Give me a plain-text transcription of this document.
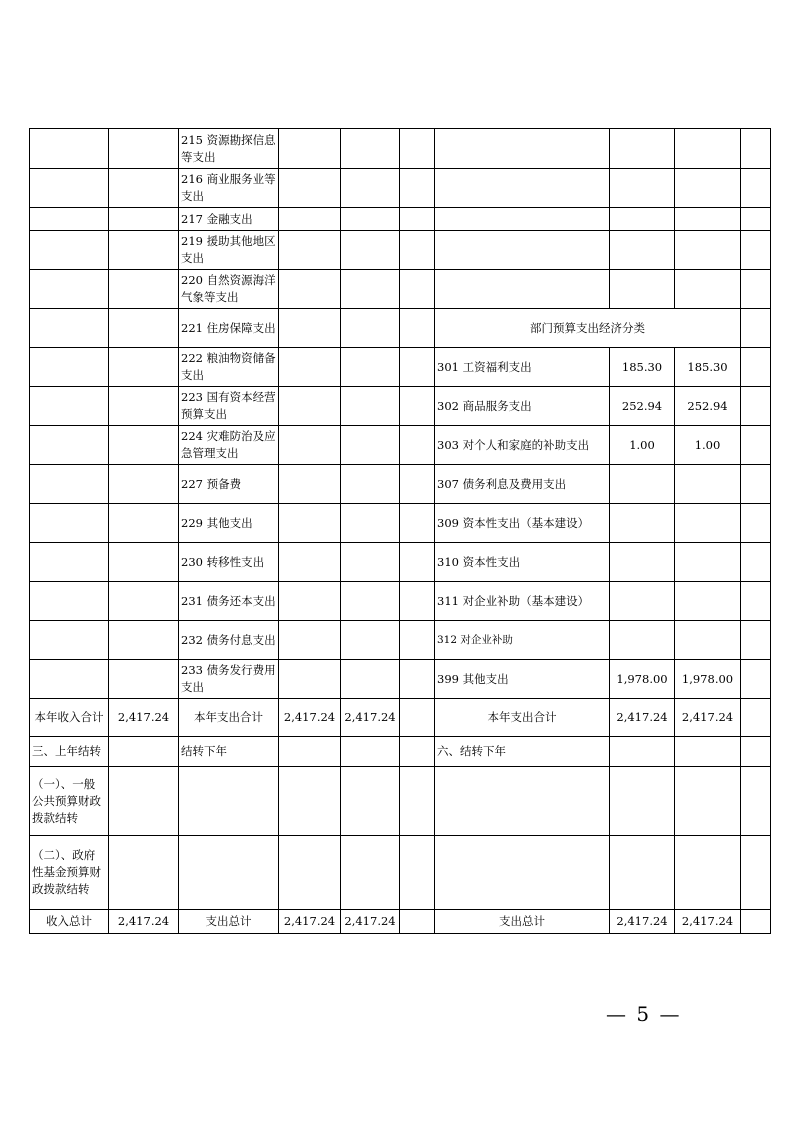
		215 资源勘探信息等支出							
		216 商业服务业等支出							
		217 金融支出							
		219 援助其他地区支出							
		220 自然资源海洋气象等支出							
		221 住房保障支出				部门预算支出经济分类			
		222 粮油物资储备支出				301 工资福利支出	185.30	185.30	
		223 国有资本经营预算支出				302 商品服务支出	252.94	252.94	
		224 灾难防治及应急管理支出				303 对个人和家庭的补助支出	1.00	1.00	
		227 预备费				307 债务利息及费用支出			
		229 其他支出				309 资本性支出（基本建设）			
		230 转移性支出				310 资本性支出			
		231 债务还本支出				311 对企业补助（基本建设）			
		232 债务付息支出				312 对企业补助			
		233 债务发行费用支出				399 其他支出	1,978.00	1,978.00	
本年收入合计	2,417.24	本年支出合计	2,417.24	2,417.24		本年支出合计	2,417.24	2,417.24	
三、上年结转		结转下年				六、结转下年			
（一）、一般公共预算财政拨款结转									
（二）、政府性基金预算财政拨款结转									
收入总计	2,417.24	支出总计	2,417.24	2,417.24		支出总计	2,417.24	2,417.24	
— 5 —
